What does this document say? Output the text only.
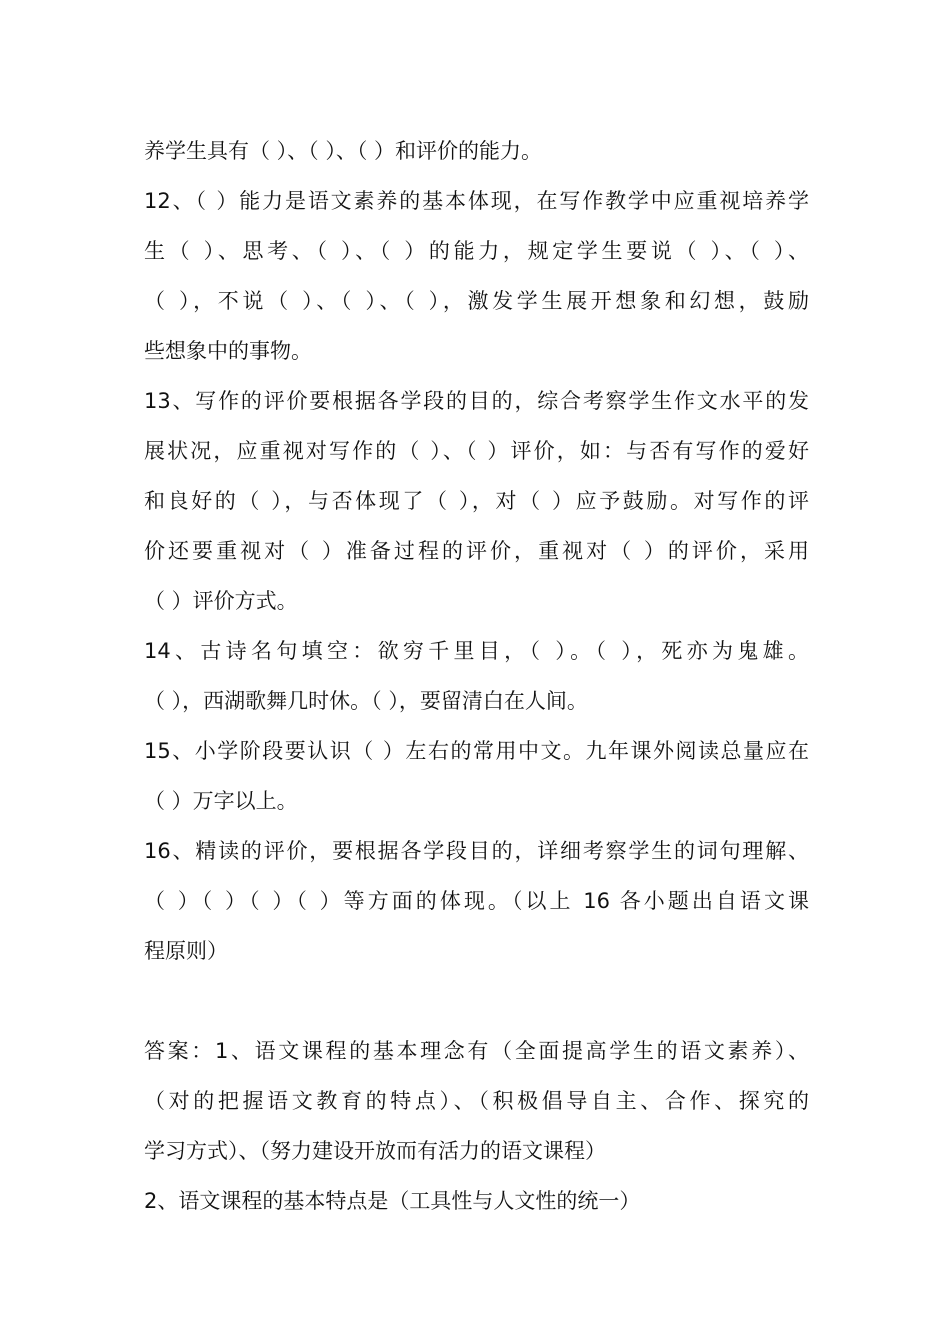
养学生具有（ ）、（ ）、（ ）和评价的能力。
12、（ ）能力是语文素养的基本体现，在写作教学中应重视培养学
生（ ）、思考、（ ）、（ ）的能力，规定学生要说（ ）、（ ）、
（ ），不说（ ）、（ ）、（ ），激发学生展开想象和幻想，鼓励
些想象中的事物。
13、写作的评价要根据各学段的目的，综合考察学生作文水平的发
展状况，应重视对写作的（ ）、（ ）评价，如：与否有写作的爱好
和良好的（ ），与否体现了（ ），对（ ）应予鼓励。对写作的评
价还要重视对（ ）准备过程的评价，重视对（ ）的评价，采用
（ ）评价方式。
14、古诗名句填空：欲穷千里目，（ ）。（ ），死亦为鬼雄。
（ ），西湖歌舞几时休。（ ），要留清白在人间。
15、小学阶段要认识（ ）左右的常用中文。九年课外阅读总量应在
（ ）万字以上。
16、精读的评价，要根据各学段目的，详细考察学生的词句理解、
（ ）（ ）（ ）（ ）等方面的体现。（以上 16 各小题出自语文课
程原则）
答案：1、语文课程的基本理念有（全面提高学生的语文素养）、
（对的把握语文教育的特点）、（积极倡导自主、合作、探究的
学习方式）、（努力建设开放而有活力的语文课程）
2、语文课程的基本特点是（工具性与人文性的统一）
